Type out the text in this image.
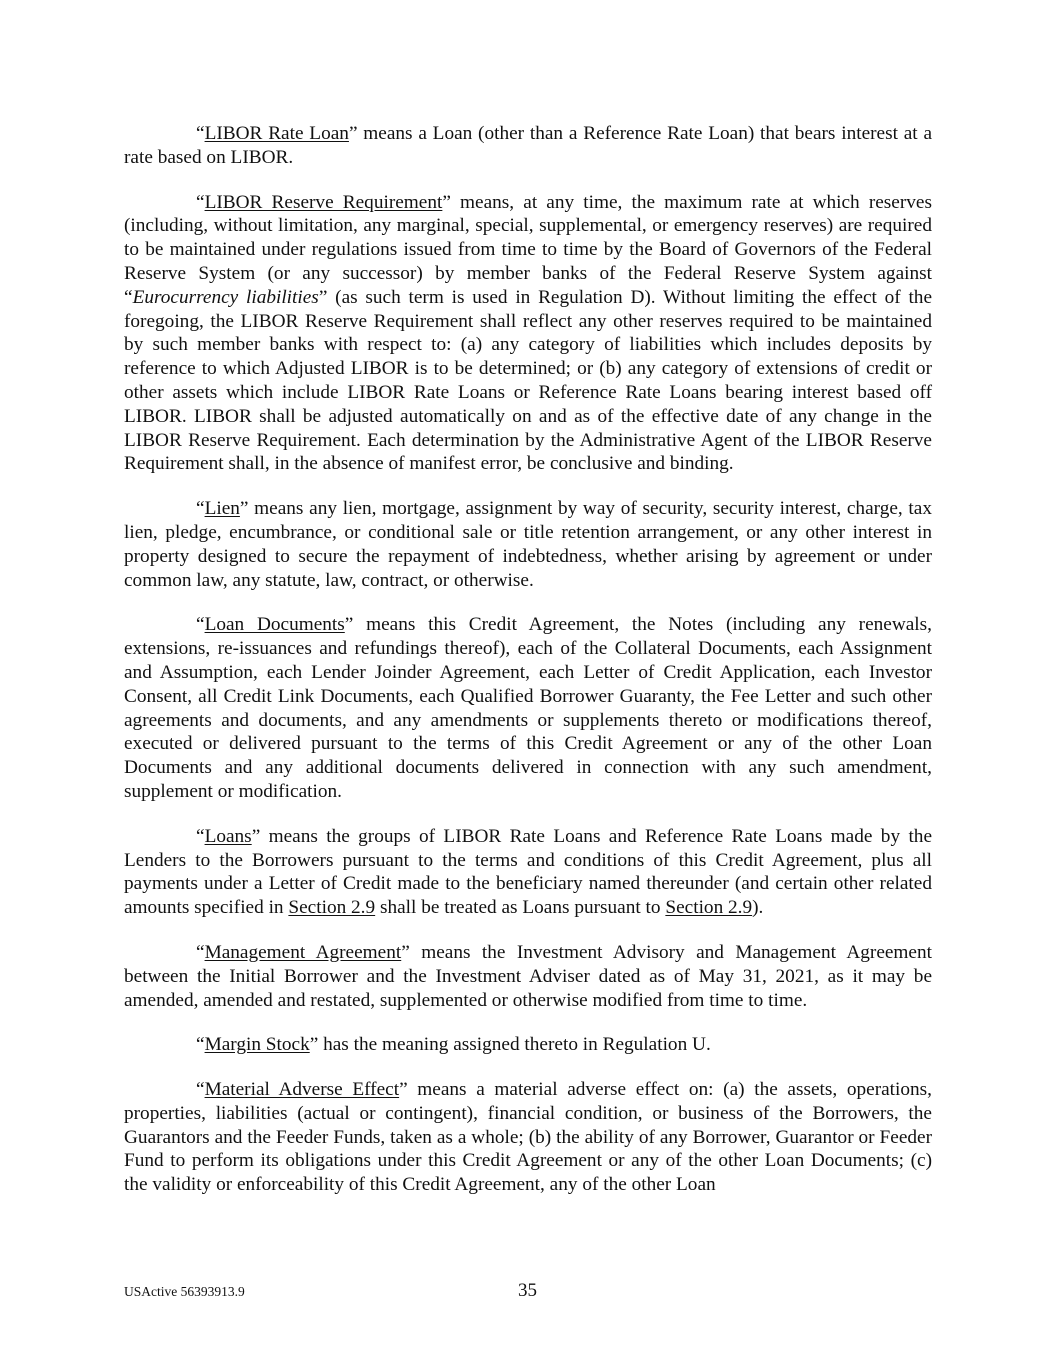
“LIBOR Rate Loan” means a Loan (other than a Reference Rate Loan) that bears interest at a rate based on LIBOR.

“LIBOR Reserve Requirement” means, at any time, the maximum rate at which reserves (including, without limitation, any marginal, special, supplemental, or emergency reserves) are required to be maintained under regulations issued from time to time by the Board of Governors of the Federal Reserve System (or any successor) by member banks of the Federal Reserve System against “Eurocurrency liabilities” (as such term is used in Regulation D). Without limiting the effect of the foregoing, the LIBOR Reserve Requirement shall reflect any other reserves required to be maintained by such member banks with respect to: (a) any category of liabilities which includes deposits by reference to which Adjusted LIBOR is to be determined; or (b) any category of extensions of credit or other assets which include LIBOR Rate Loans or Reference Rate Loans bearing interest based off LIBOR. LIBOR shall be adjusted automatically on and as of the effective date of any change in the LIBOR Reserve Requirement. Each determination by the Administrative Agent of the LIBOR Reserve Requirement shall, in the absence of manifest error, be conclusive and binding.

“Lien” means any lien, mortgage, assignment by way of security, security interest, charge, tax lien, pledge, encumbrance, or conditional sale or title retention arrangement, or any other interest in property designed to secure the repayment of indebtedness, whether arising by agreement or under common law, any statute, law, contract, or otherwise.

“Loan Documents” means this Credit Agreement, the Notes (including any renewals, extensions, re-issuances and refundings thereof), each of the Collateral Documents, each Assignment and Assumption, each Lender Joinder Agreement, each Letter of Credit Application, each Investor Consent, all Credit Link Documents, each Qualified Borrower Guaranty, the Fee Letter and such other agreements and documents, and any amendments or supplements thereto or modifications thereof, executed or delivered pursuant to the terms of this Credit Agreement or any of the other Loan Documents and any additional documents delivered in connection with any such amendment, supplement or modification.

“Loans” means the groups of LIBOR Rate Loans and Reference Rate Loans made by the Lenders to the Borrowers pursuant to the terms and conditions of this Credit Agreement, plus all payments under a Letter of Credit made to the beneficiary named thereunder (and certain other related amounts specified in Section 2.9 shall be treated as Loans pursuant to Section 2.9).

“Management Agreement” means the Investment Advisory and Management Agreement between the Initial Borrower and the Investment Adviser dated as of May 31, 2021, as it may be amended, amended and restated, supplemented or otherwise modified from time to time.

“Margin Stock” has the meaning assigned thereto in Regulation U.

“Material Adverse Effect” means a material adverse effect on: (a) the assets, operations, properties, liabilities (actual or contingent), financial condition, or business of the Borrowers, the Guarantors and the Feeder Funds, taken as a whole; (b) the ability of any Borrower, Guarantor or Feeder Fund to perform its obligations under this Credit Agreement or any of the other Loan Documents; (c) the validity or enforceability of this Credit Agreement, any of the other Loan

USActive 56393913.9	35
